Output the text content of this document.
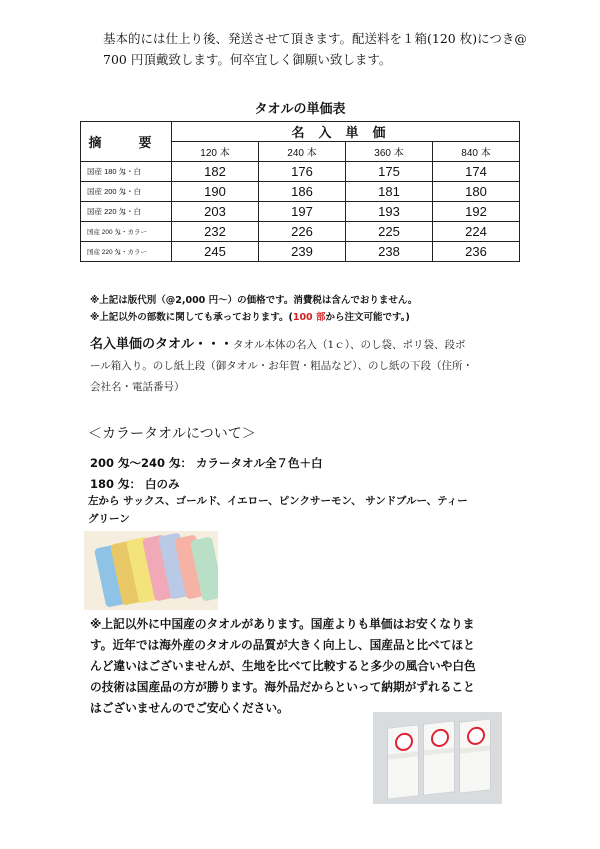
基本的には仕上り後、発送させて頂きます。配送料を１箱(120 枚)につき@
700 円頂戴致します。何卒宜しく御願い致します。
タオルの単価表
摘　要	名入単価			
	120 本	240 本	360 本	840 本
国産 180 匁・白	182	176	175	174
国産 200 匁・白	190	186	181	180
国産 220 匁・白	203	197	193	192
国産 200 匁・カラー	232	226	225	224
国産 220 匁・カラー	245	239	238	236
※上記は版代別（@2,000 円〜）の価格です。消費税は含んでおりません。
※上記以外の部数に関しても承っております。(100 部から注文可能です。)
名入単価のタオル・・・タオル本体の名入（1ｃ）、のし袋、ポリ袋、段ボ
ール箱入り。のし紙上段（御タオル・お年賀・粗品など）、のし紙の下段（住所・
会社名・電話番号）
＜カラータオルについて＞
200 匁〜240 匁： カラータオル全７色＋白
180 匁： 白のみ
左から サックス、ゴールド、イエロー、ピンクサーモン、 サンドブルー、ティー
グリーン
※上記以外に中国産のタオルがあります。国産よりも単価はお安くなりま
す。近年では海外産のタオルの品質が大きく向上し、国産品と比べてほと
んど違いはございませんが、生地を比べて比較すると多少の風合いや白色
の技術は国産品の方が勝ります。海外品だからといって納期がずれること
はございませんのでご安心ください。
